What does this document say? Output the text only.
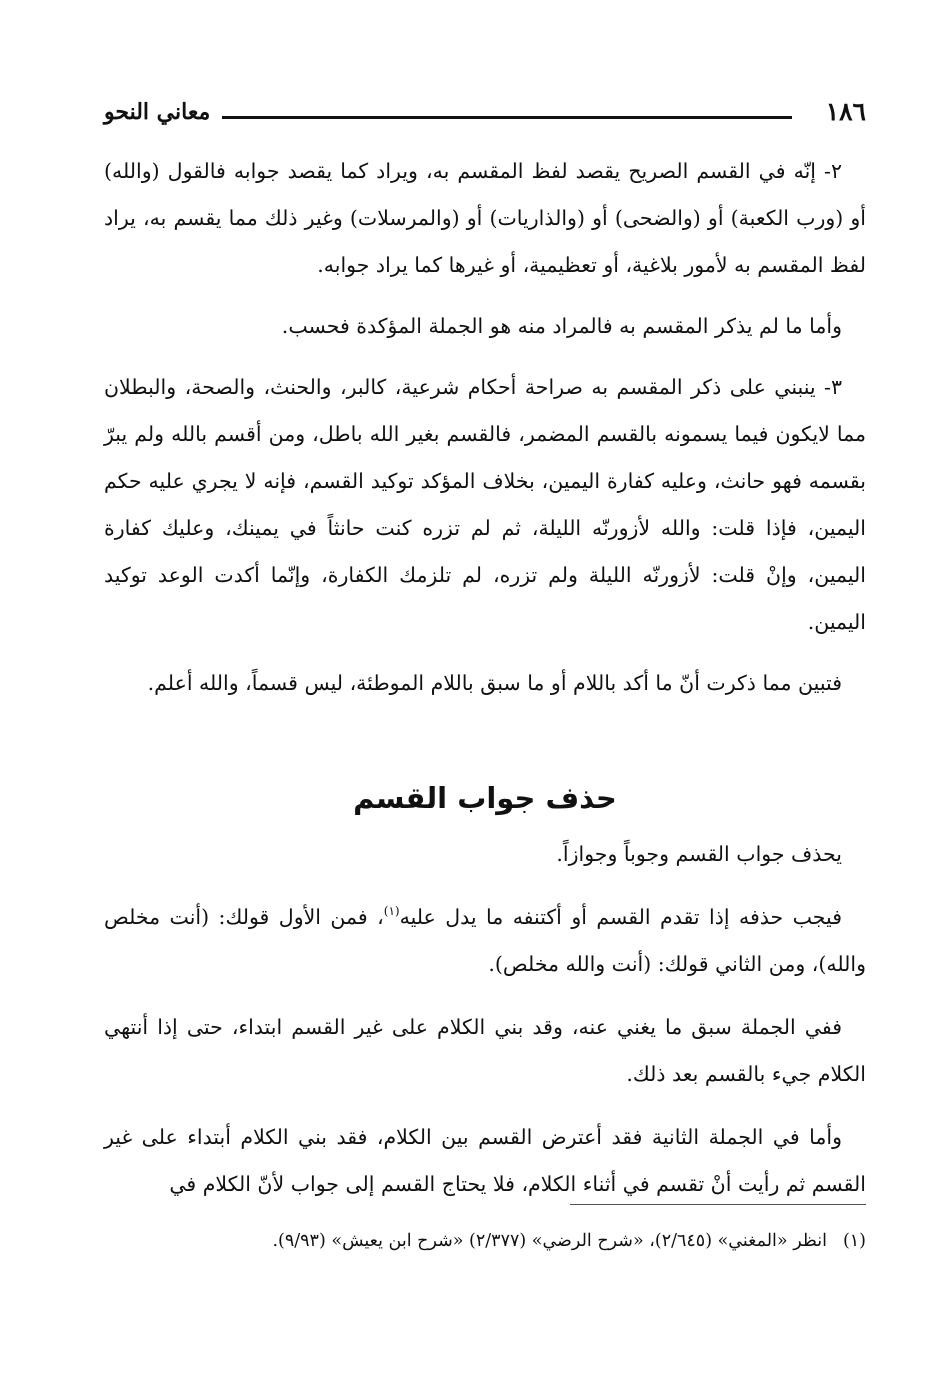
١٨٦
معاني النحو

٢- إنّه في القسم الصريح يقصد لفظ المقسم به، ويراد كما يقصد جوابه فالقول (والله) أو (ورب الكعبة) أو (والضحى) أو (والذاريات) أو (والمرسلات) وغير ذلك مما يقسم به، يراد لفظ المقسم به لأمور بلاغية، أو تعظيمية، أو غيرها كما يراد جوابه.

وأما ما لم يذكر المقسم به فالمراد منه هو الجملة المؤكدة فحسب.

٣- ينبني على ذكر المقسم به صراحة أحكام شرعية، كالبر، والحنث، والصحة، والبطلان مما لايكون فيما يسمونه بالقسم المضمر، فالقسم بغير الله باطل، ومن أقسم بالله ولم يبرّ بقسمه فهو حانث، وعليه كفارة اليمين، بخلاف المؤكد توكيد القسم، فإنه لا يجري عليه حكم اليمين، فإذا قلت: والله لأزورنّه الليلة، ثم لم تزره كنت حانثاً في يمينك، وعليك كفارة اليمين، وإنْ قلت: لأزورنّه الليلة ولم تزره، لم تلزمك الكفارة، وإنّما أكدت الوعد توكيد اليمين.

فتبين مما ذكرت أنّ ما أكد باللام أو ما سبق باللام الموطئة، ليس قسماً، والله أعلم.

حذف جواب القسم

يحذف جواب القسم وجوباً وجوازاً.

فيجب حذفه إذا تقدم القسم أو أكتنفه ما يدل عليه$^{(١)}$، فمن الأول قولك: (أنت مخلص والله)، ومن الثاني قولك: (أنت والله مخلص).

ففي الجملة سبق ما يغني عنه، وقد بني الكلام على غير القسم ابتداء، حتى إذا أنتهي الكلام جيء بالقسم بعد ذلك.

وأما في الجملة الثانية فقد أعترض القسم بين الكلام، فقد بني الكلام أبتداء على غير القسم ثم رأيت أنْ تقسم في أثناء الكلام، فلا يحتاج القسم إلى جواب لأنّ الكلام في

(١)انظر «المغني» (٢/٦٤٥)، «شرح الرضي» (٢/٣٧٧) «شرح ابن يعيش» (٩/٩٣).
